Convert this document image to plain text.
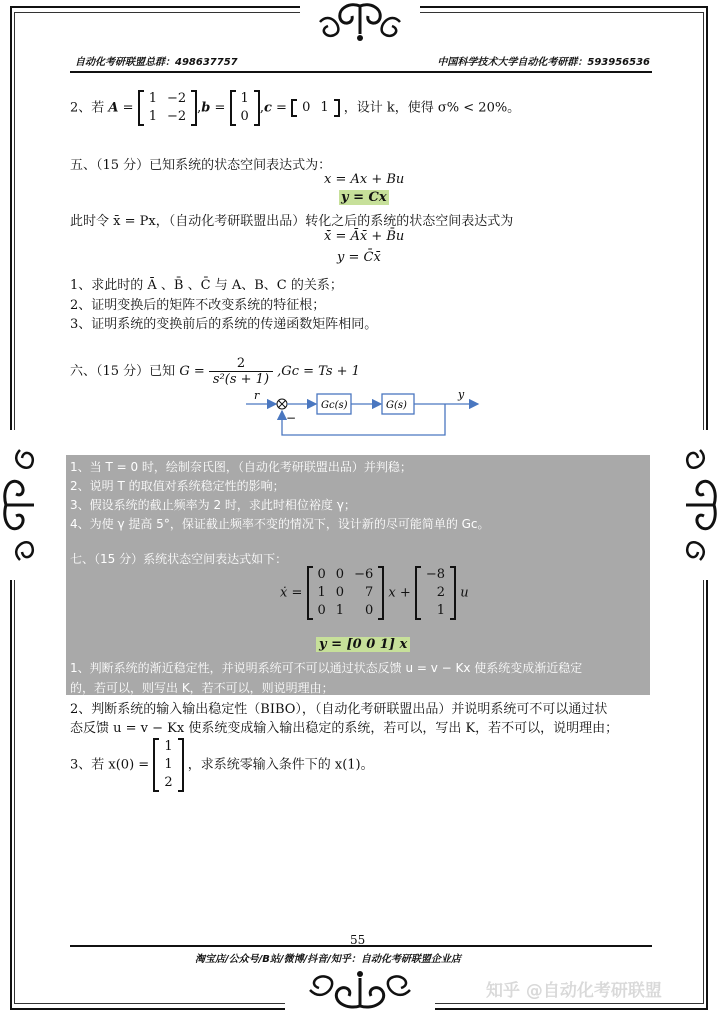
自动化考研联盟总群：498637757	中国科学技术大学自动化考研群：593956536
2、若 A =
1	−2
1	−2
,b =
1
0
,c = 0	1 ，设计 k，使得 σ% < 20%。
五、（15 分）已知系统的状态空间表达式为：
x = Ax + Bu
y = Cx
此时令 x̄ = Px，（自动化考研联盟出品）转化之后的系统的状态空间表达式为
x̄̇ = Āx̄ + B̄u
y = C̄x̄
1、求此时的 Ā 、B̄ 、C̄ 与 A、B、C 的关系；
2、证明变换后的矩阵不改变系统的特征根；
3、证明系统的变换前后的系统的传递函数矩阵相同。
六、（15 分）已知 $G = \frac{2}{\text{s²(s + 1)}} ,Gc = Ts + 1$
r
−
Gc(s)	G(s)
y
1、当 T = 0 时，绘制奈氏图，（自动化考研联盟出品）并判稳；
2、说明 T 的取值对系统稳定性的影响；
3、假设系统的截止频率为 2 时，求此时相位裕度 γ；
4、为使 γ 提高 5°，保证截止频率不变的情况下，设计新的尽可能简单的 Gc。
七、（15 分）系统状态空间表达式如下：
ẋ =
0	0	−6
1	0	7
0	1	0
x +
−8
2
1
u
y = [0 0 1] x
1、判断系统的渐近稳定性，并说明系统可不可以通过状态反馈 u = v − Kx 使系统变成渐近稳定
的，若可以，则写出 K，若不可以，则说明理由；
2、判断系统的输入输出稳定性（BIBO），（自动化考研联盟出品）并说明系统可不可以通过状
态反馈 u = v − Kx 使系统变成输入输出稳定的系统，若可以，写出 K，若不可以，说明理由；
3、若 x(0) =
1
1
2
，求系统零输入条件下的 x(1)。
55
淘宝店/公众号/B站/微博/抖音/知乎：自动化考研联盟企业店
知乎 @自动化考研联盟
